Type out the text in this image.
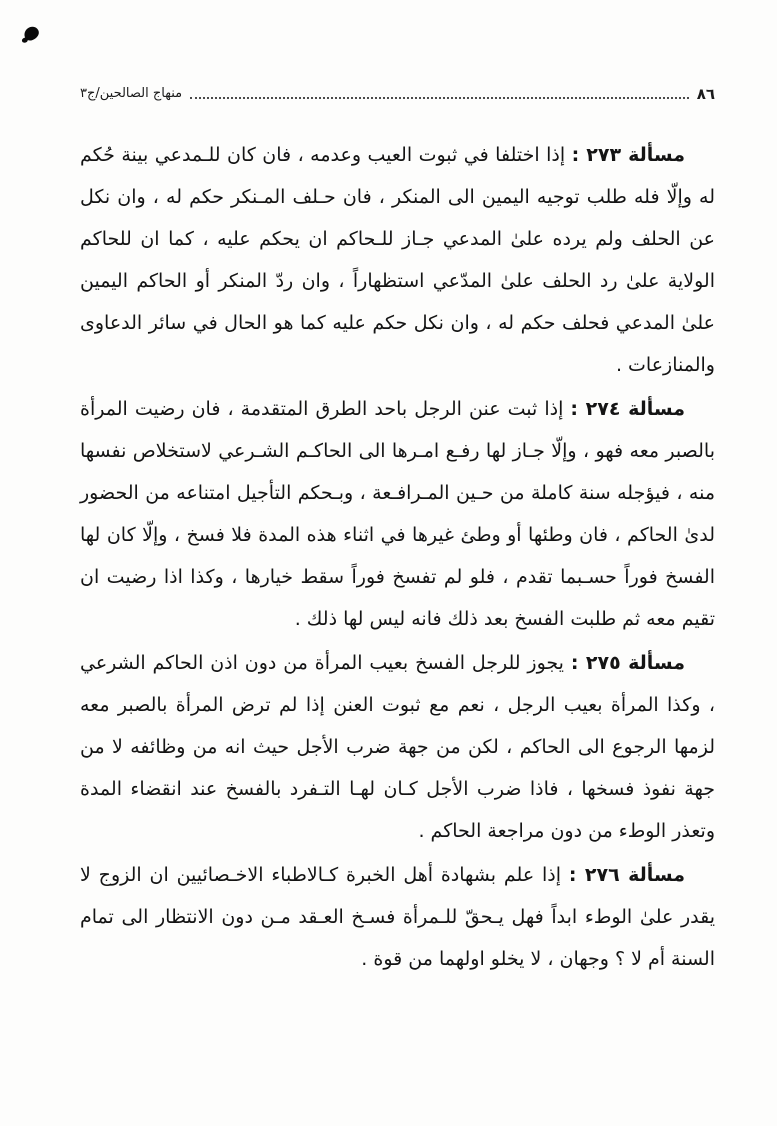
٨٦
منهاج الصالحين/ج٣

مسألة ٢٧٣ : إذا اختلفا في ثبوت العيب وعدمه ، فان كان للـمدعي بينة حُكم له وإلّا فله طلب توجيه اليمين الى المنكر ، فان حـلف المـنكر حكم له ، وان نكل عن الحلف ولم يرده علىٰ المدعي جـاز للـحاكم ان يحكم عليه ، كما ان للحاكم الولاية علىٰ رد الحلف علىٰ المدّعي استظهاراً ، وان ردّ المنكر أو الحاكم اليمين علىٰ المدعي فحلف حكم له ، وان نكل حكم عليه كما هو الحال في سائر الدعاوى والمنازعات .

مسألة ٢٧٤ : إذا ثبت عنن الرجل باحد الطرق المتقدمة ، فان رضيت المرأة بالصبر معه فهو ، وإلّا جـاز لها رفـع امـرها الى الحاكـم الشـرعي لاستخلاص نفسها منه ، فيؤجله سنة كاملة من حـين المـرافـعة ، وبـحكم التأجيل امتناعه من الحضور لدىٰ الحاكم ، فان وطئها أو وطئ غيرها في اثناء هذه المدة فلا فسخ ، وإلّا كان لها الفسخ فوراً حسـبما تقدم ، فلو لم تفسخ فوراً سقط خيارها ، وكذا اذا رضيت ان تقيم معه ثم طلبت الفسخ بعد ذلك فانه ليس لها ذلك .

مسألة ٢٧٥ : يجوز للرجل الفسخ بعيب المرأة من دون اذن الحاكم الشرعي ، وكذا المرأة بعيب الرجل ، نعم مع ثبوت العنن إذا لم ترض المرأة بالصبر معه لزمها الرجوع الى الحاكم ، لكن من جهة ضرب الأجل حيث انه من وظائفه لا من جهة نفوذ فسخها ، فاذا ضرب الأجل كـان لهـا التـفرد بالفسخ عند انقضاء المدة وتعذر الوطء من دون مراجعة الحاكم .

مسألة ٢٧٦ : إذا علم بشهادة أهل الخبرة كـالاطباء الاخـصائيين ان الزوج لا يقدر علىٰ الوطء ابداً فهل يـحقّ للـمرأة فسـخ العـقد مـن دون الانتظار الى تمام السنة أم لا ؟ وجهان ، لا يخلو اولهما من قوة .
